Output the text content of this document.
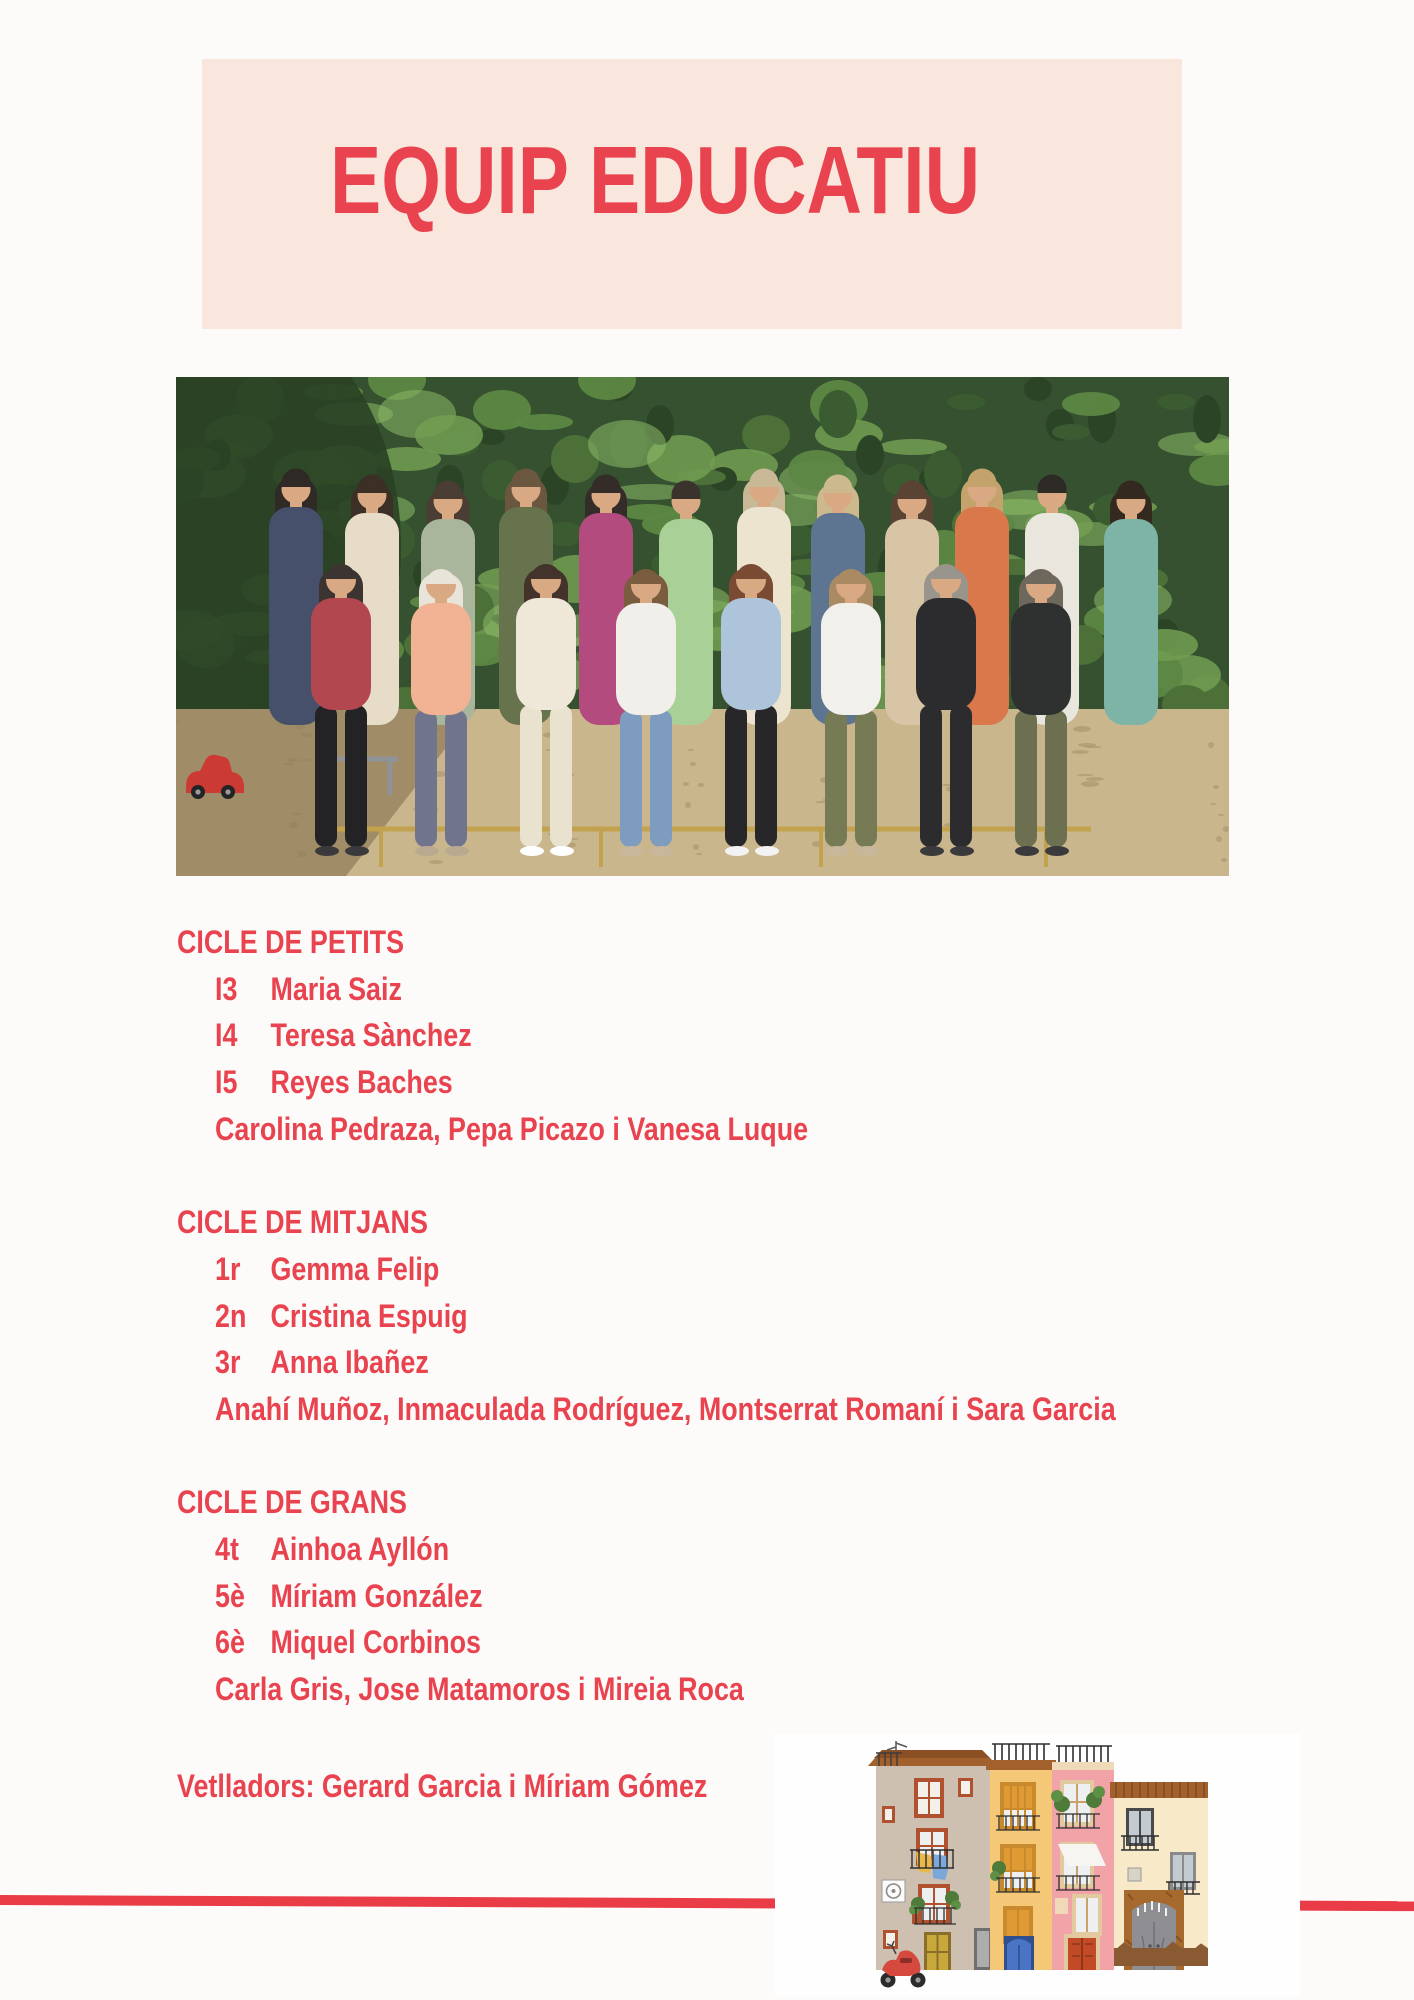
EQUIP EDUCATIU
CICLE DE PETITS
I3 Maria Saiz
I4 Teresa Sànchez
I5 Reyes Baches
Carolina Pedraza, Pepa Picazo i Vanesa Luque
CICLE DE MITJANS
1r Gemma Felip
2n Cristina Espuig
3r Anna Ibañez
Anahí Muñoz, Inmaculada Rodríguez, Montserrat Romaní i Sara Garcia
CICLE DE GRANS
4t Ainhoa Ayllón
5è Míriam González
6è Miquel Corbinos
Carla Gris, Jose Matamoros i Mireia Roca
Vetlladors: Gerard Garcia i Míriam Gómez
